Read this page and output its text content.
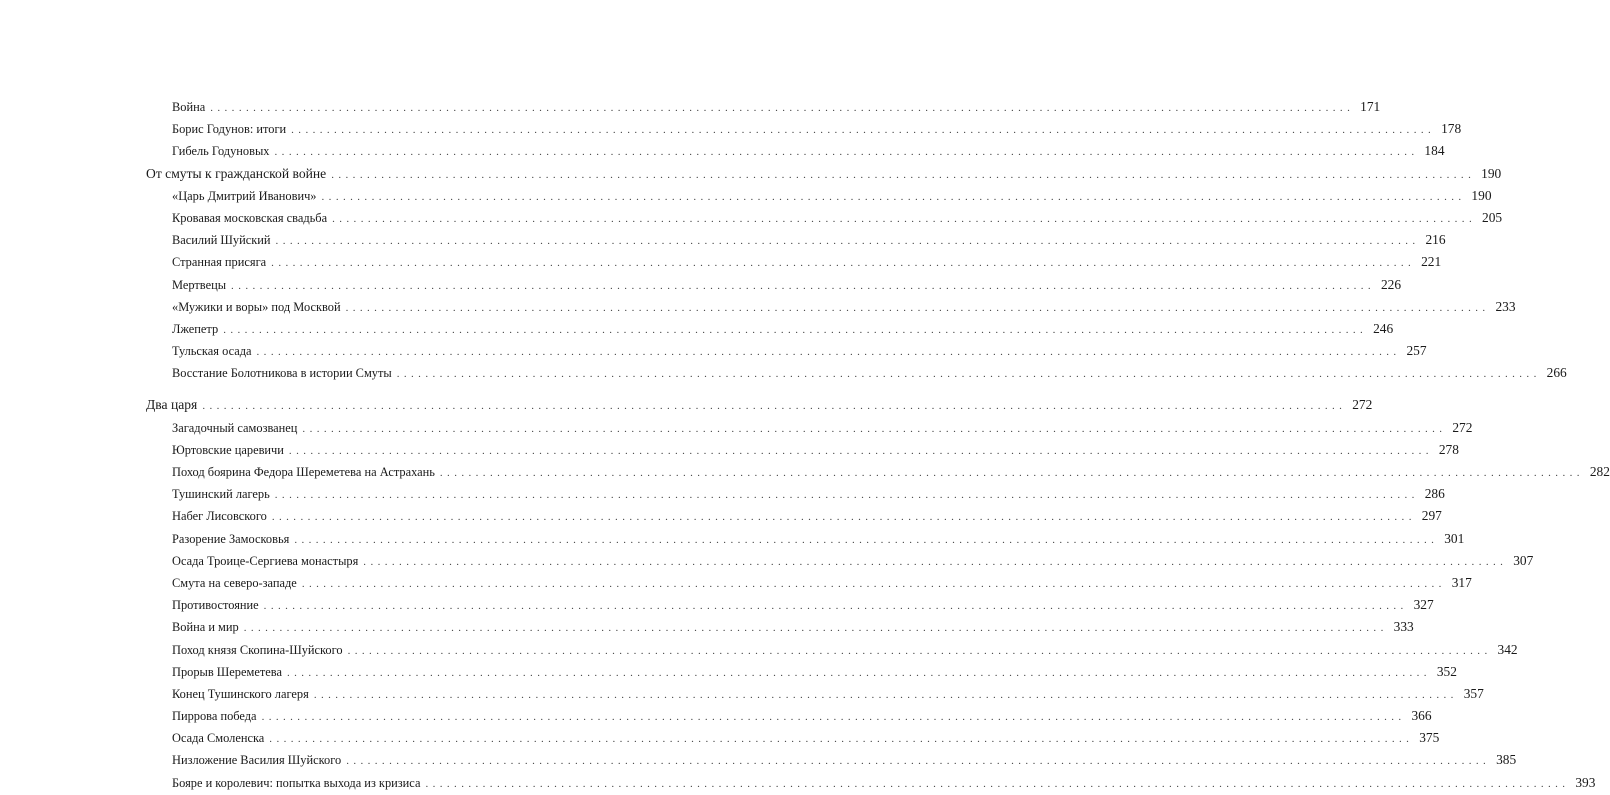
Война ................................................................................................................................................................ 171
Борис Годунов: итоги ................................................................................................................................................................ 178
Гибель Годуновых ................................................................................................................................................................ 184
От смуты к гражданской войне ................................................................................................................................................................ 190
«Царь Дмитрий Иванович» ................................................................................................................................................................ 190
Кровавая московская свадьба ................................................................................................................................................................ 205
Василий Шуйский ................................................................................................................................................................ 216
Странная присяга ................................................................................................................................................................ 221
Мертвецы ................................................................................................................................................................ 226
«Мужики и воры» под Москвой ................................................................................................................................................................ 233
Лжепетр ................................................................................................................................................................ 246
Тульская осада ................................................................................................................................................................ 257
Восстание Болотникова в истории Смуты ................................................................................................................................................................ 266
Два царя ................................................................................................................................................................ 272
Загадочный самозванец ................................................................................................................................................................ 272
Юртовские царевичи ................................................................................................................................................................ 278
Поход боярина Федора Шереметева на Астрахань ................................................................................................................................................................ 282
Тушинский лагерь ................................................................................................................................................................ 286
Набег Лисовского ................................................................................................................................................................ 297
Разорение Замосковья ................................................................................................................................................................ 301
Осада Троице-Сергиева монастыря ................................................................................................................................................................ 307
Смута на северо-западе ................................................................................................................................................................ 317
Противостояние ................................................................................................................................................................ 327
Война и мир ................................................................................................................................................................ 333
Поход князя Скопина-Шуйского ................................................................................................................................................................ 342
Прорыв Шереметева ................................................................................................................................................................ 352
Конец Тушинского лагеря ................................................................................................................................................................ 357
Пиррова победа ................................................................................................................................................................ 366
Осада Смоленска ................................................................................................................................................................ 375
Низложение Василия Шуйского ................................................................................................................................................................ 385
Бояре и королевич: попытка выхода из кризиса ................................................................................................................................................................ 393
